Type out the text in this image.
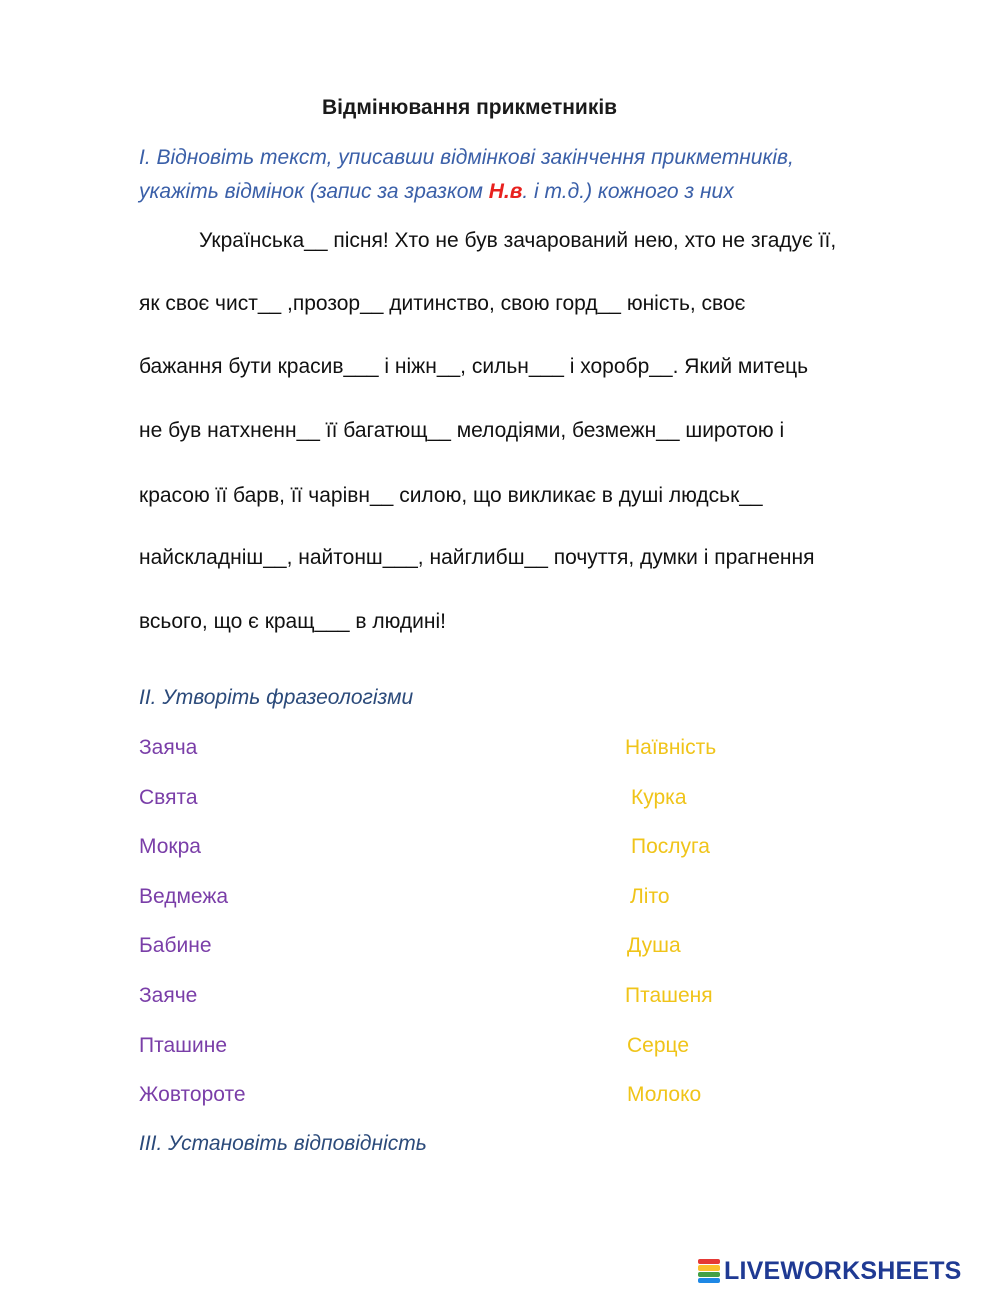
Відмінювання прикметників
І. Відновіть текст, уписавши відмінкові закінчення прикметників,
укажіть відмінок (запис за зразком Н.в. і т.д.) кожного з них
Українська__ пісня! Хто не був зачарований нею, хто не згадує її,
як своє чист__ ,прозор__ дитинство, свою горд__ юність, своє
бажання бути красив___ і ніжн__, сильн___ і хоробр__. Який митець
не був натхненн__ її багатющ__ мелодіями, безмежн__ широтою і
красою її барв, її чарівн__ силою, що викликає в душі людськ__
найскладніш__, найтонш___, найглибш__ почуття, думки і прагнення
всього, що є кращ___ в людині!
ІІ. Утворіть фразеологізми
Заяча
Свята
Мокра
Ведмежа
Бабине
Заяче
Пташине
Жовтороте
Наївність
Курка
Послуга
Літо
Душа
Пташеня
Серце
Молоко
ІІІ. Установіть відповідність
LIVEWORKSHEETS
